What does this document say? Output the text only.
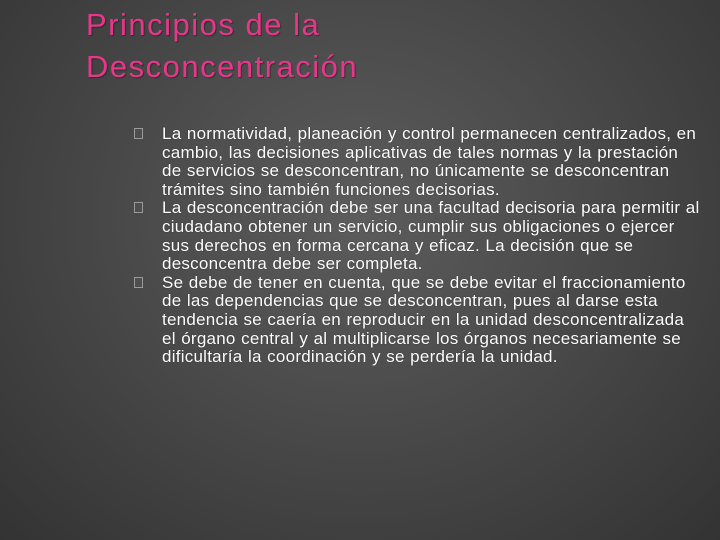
Principios de la
Desconcentración
La normatividad, planeación y control permanecen centralizados, en cambio, las decisiones aplicativas de tales normas y la prestación de servicios se desconcentran, no únicamente se desconcentran trámites sino también funciones decisorias.
La desconcentración debe ser una facultad decisoria para permitir al ciudadano obtener un servicio, cumplir sus obligaciones o ejercer sus derechos en forma cercana y eficaz. La decisión que se desconcentra debe ser completa.
Se debe de tener en cuenta, que se debe evitar el fraccionamiento de las dependencias que se desconcentran, pues al darse esta tendencia se caería en reproducir en la unidad desconcentralizada el órgano central y al multiplicarse los órganos necesariamente se dificultaría la coordinación y se perdería la unidad.
